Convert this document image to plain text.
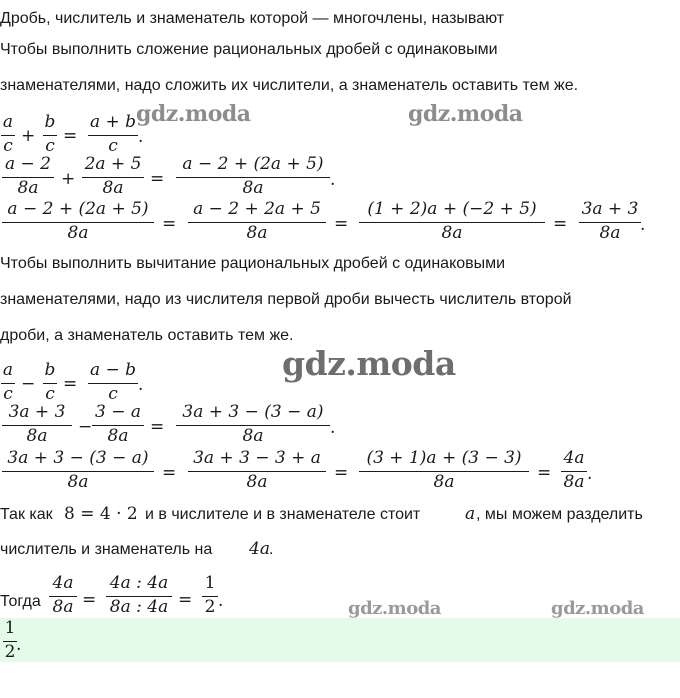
Дробь, числитель и знаменатель которой — многочлены, называют
Чтобы выполнить сложение рациональных дробей с одинаковыми
знаменателями, надо сложить их числители, а знаменатель оставить тем же.
a
c +
b
c =
a + b
c	.
a − 2
8a	+
2a + 5
8a	=
a − 2 + (2a + 5)
8a	.
a − 2 + (2a + 5)
8a	=
a − 2 + 2a + 5
8a	=
(1 + 2)a + (−2 + 5)
8a	=
3a + 3
8a	.
Чтобы выполнить вычитание рациональных дробей с одинаковыми
знаменателями, надо из числителя первой дроби вычесть числитель второй
дроби, а знаменатель оставить тем же.
a
c −
b
c =
a − b
c	.
3a + 3
8a	−
3 − a
8a	=
3a + 3 − (3 − a)
8a	.
3a + 3 − (3 − a)
8a	=
3a + 3 − 3 + a
8a	=
(3 + 1)a + (3 − 3)
8a	=
4a
8a .
Так как 8 = 4 · 2 и в числителе и в знаменателе стоит	a , мы можем разделить
числитель и знаменатель на 4a .
Тогда
4a
8a =
4a : 4a
8a : 4a =
1
2 .
1
2 .
gdz.moda	gdz.moda
gdz.moda
gdz.moda	gdz.moda
